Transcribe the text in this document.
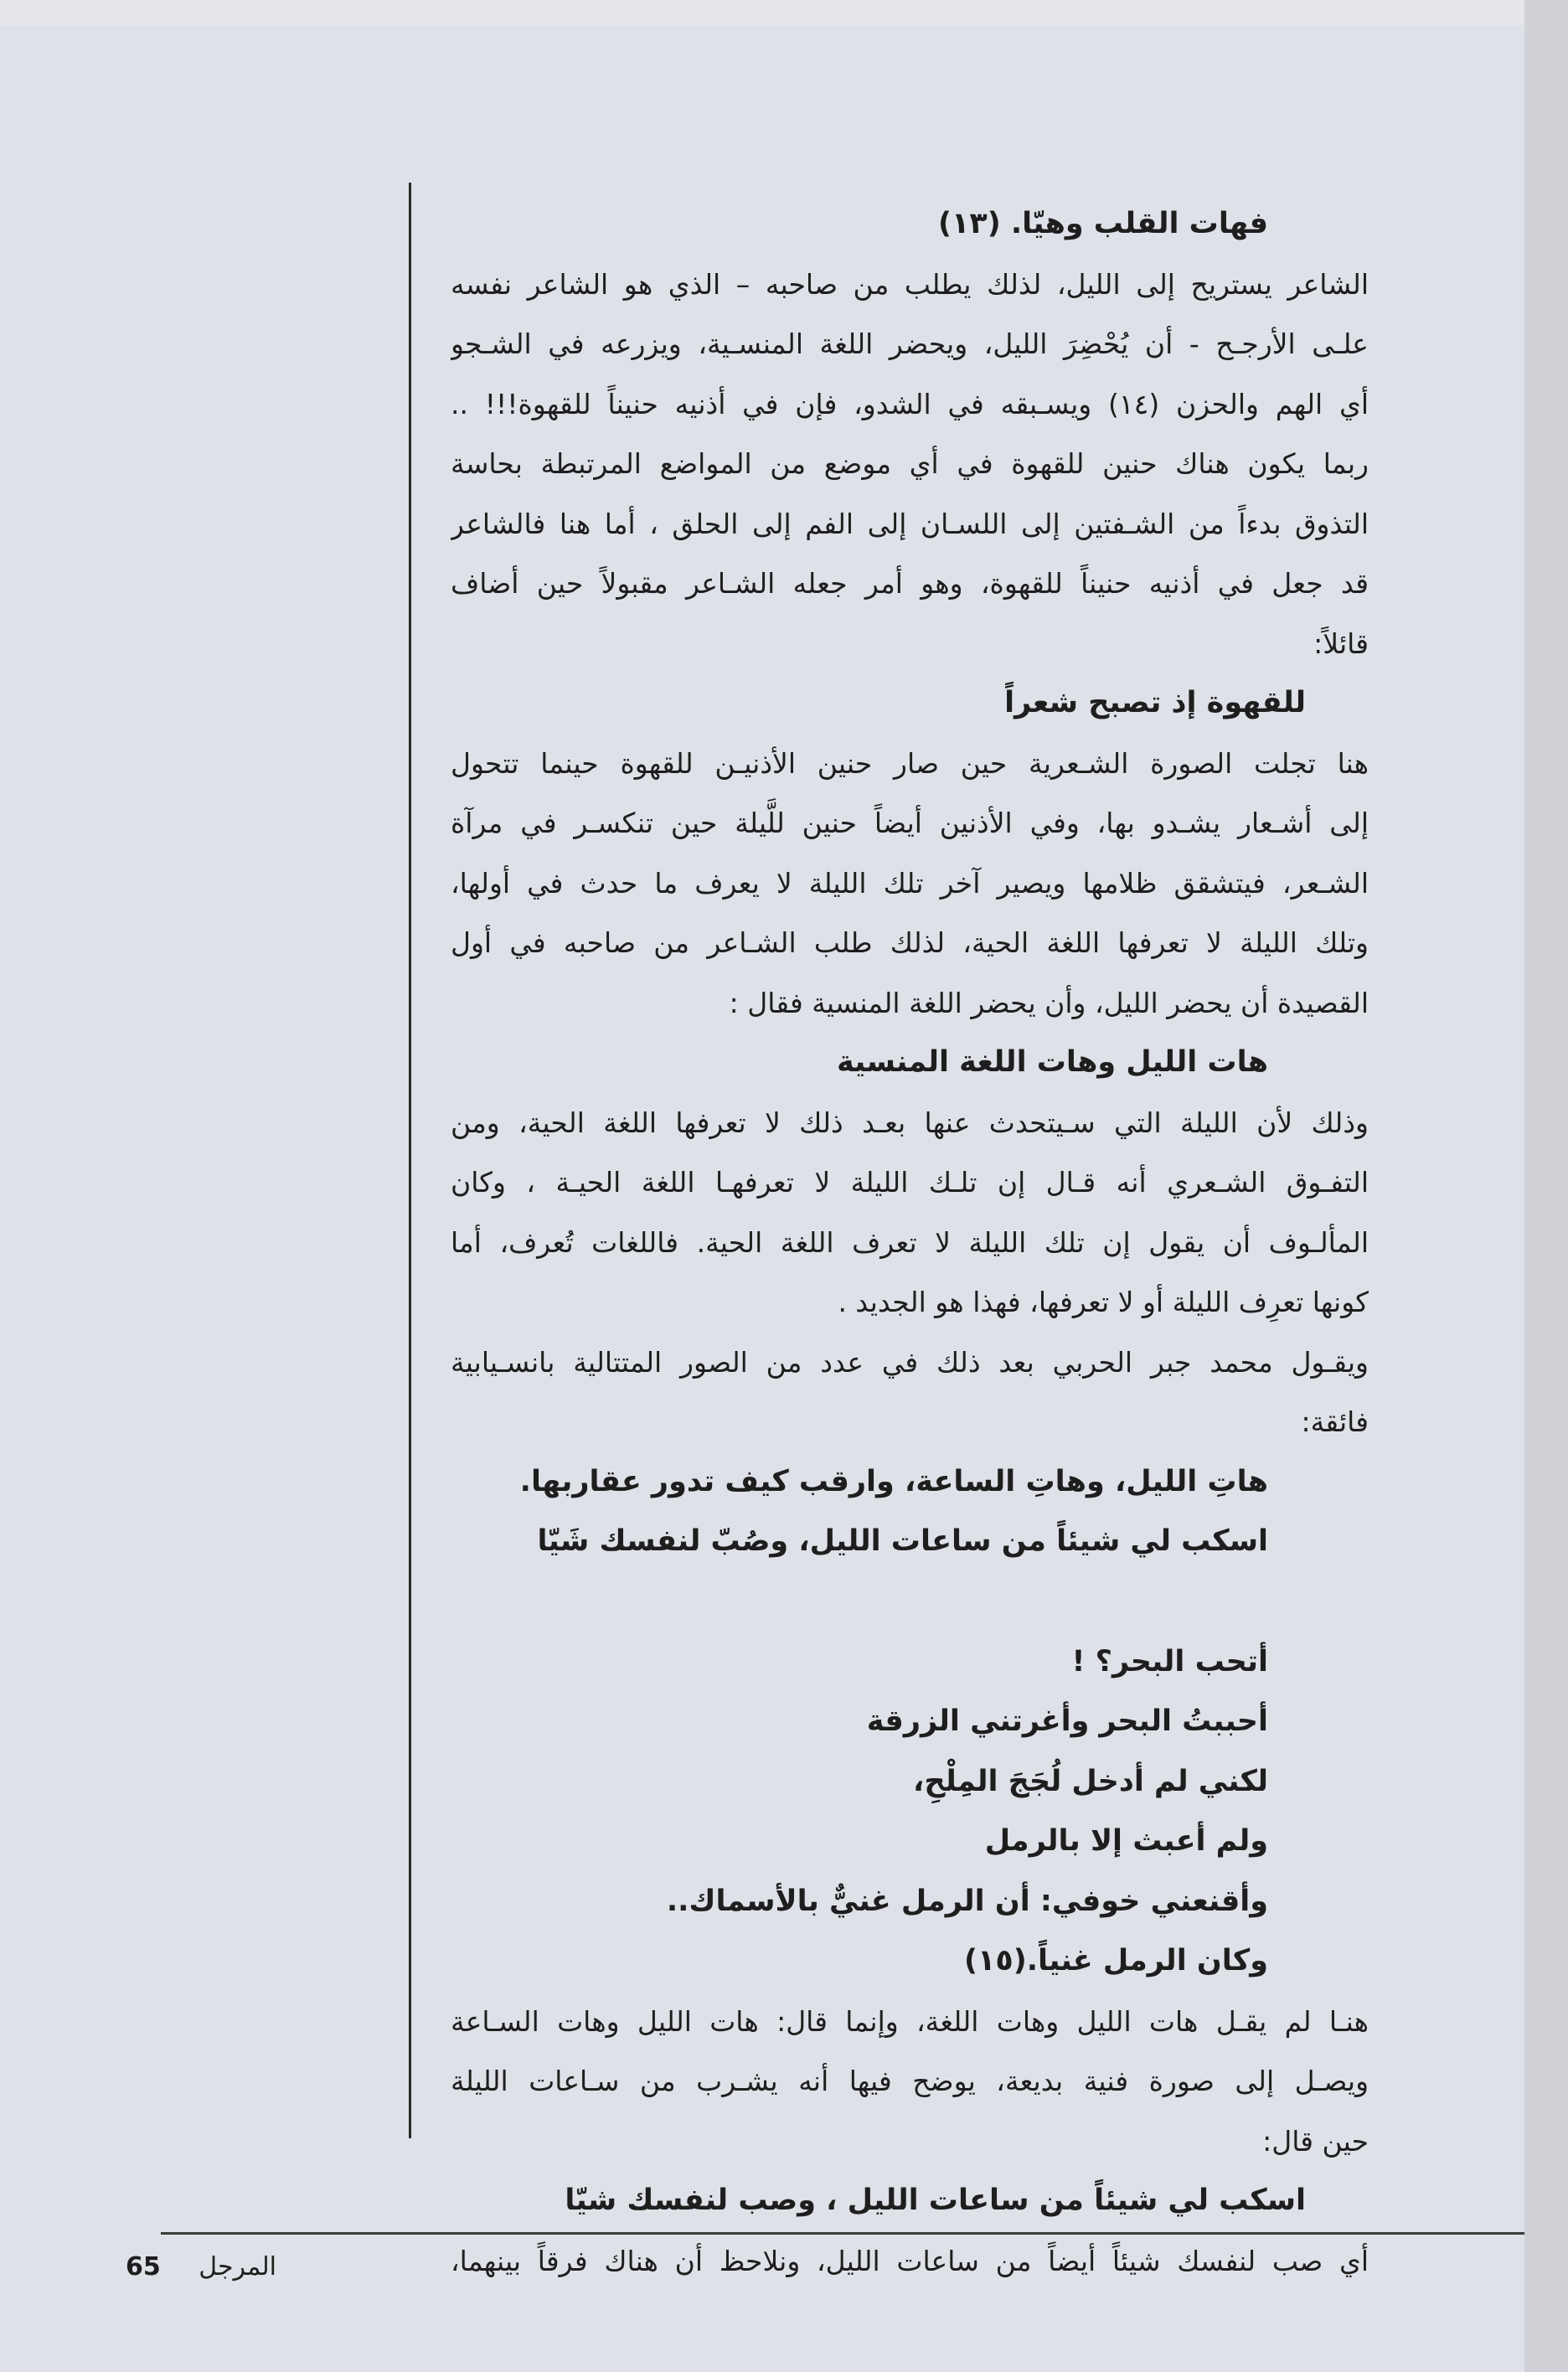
فهات القلب وهيّا. (١٣)
الشاعر يستريح إلى الليل، لذلك يطلب من صاحبه – الذي هو الشاعر نفسه
علـى الأرجـح - أن يُحْضِرَ الليل، ويحضر اللغة المنسـية، ويزرعه في الشـجو
أي الهم والحزن (١٤) ويسـبقه في الشدو، فإن في أذنيه حنيناً للقهوة!!! ..
ربما يكون هناك حنين للقهوة في أي موضع من المواضع المرتبطة بحاسة
التذوق بدءاً من الشـفتين إلى اللسـان إلى الفم إلى الحلق ، أما هنا فالشاعر
قد جعل في أذنيه حنيناً للقهوة، وهو أمر جعله الشـاعر مقبولاً حين أضاف
قائلاً:
للقهوة إذ تصبح شعراً
هنا تجلت الصورة الشـعرية حين صار حنين الأذنيـن للقهوة حينما تتحول
إلى أشـعار يشـدو بها، وفي الأذنين أيضاً حنين للَّيلة حين تنكسـر في مرآة
الشـعر، فيتشقق ظلامها ويصير آخر تلك الليلة لا يعرف ما حدث في أولها،
وتلك الليلة لا تعرفها اللغة الحية، لذلك طلب الشـاعر من صاحبه في أول
القصيدة أن يحضر الليل، وأن يحضر اللغة المنسية فقال :
هات الليل وهات اللغة المنسية
وذلك لأن الليلة التي سـيتحدث عنها بعـد ذلك لا تعرفها اللغة الحية، ومن
التفـوق الشـعري أنه قـال إن تلـك الليلة لا تعرفهـا اللغة الحيـة ، وكان
المألـوف أن يقول إن تلك الليلة لا تعرف اللغة الحية. فاللغات تُعرف، أما
كونها تعرِف الليلة أو لا تعرفها، فهذا هو الجديد .
ويقـول محمد جبر الحربي بعد ذلك في عدد من الصور المتتالية بانسـيابية
فائقة:
هاتِ الليل، وهاتِ الساعة، وارقب كيف تدور عقاربها.
اسكب لي شيئاً من ساعات الليل، وصُبّ لنفسك شَيّا
أتحب البحر؟ !
أحببتُ البحر وأغرتني الزرقة
لكني لم أدخل لُجَجَ المِلْحِ،
ولم أعبث إلا بالرمل
وأقنعني خوفي: أن الرمل غنيٌّ بالأسماك..
وكان الرمل غنياً.(١٥)
هنـا لم يقـل هات الليل وهات اللغة، وإنما قال: هات الليل وهات السـاعة
ويصـل إلى صورة فنية بديعة، يوضح فيها أنه يشـرب من سـاعات الليلة
حين قال:
اسكب لي شيئاً من ساعات الليل ، وصب لنفسك شيّا
أي صب لنفسك شيئاً أيضاً من ساعات الليل، ونلاحظ أن هناك فرقاً بينهما،
65 المرجل
